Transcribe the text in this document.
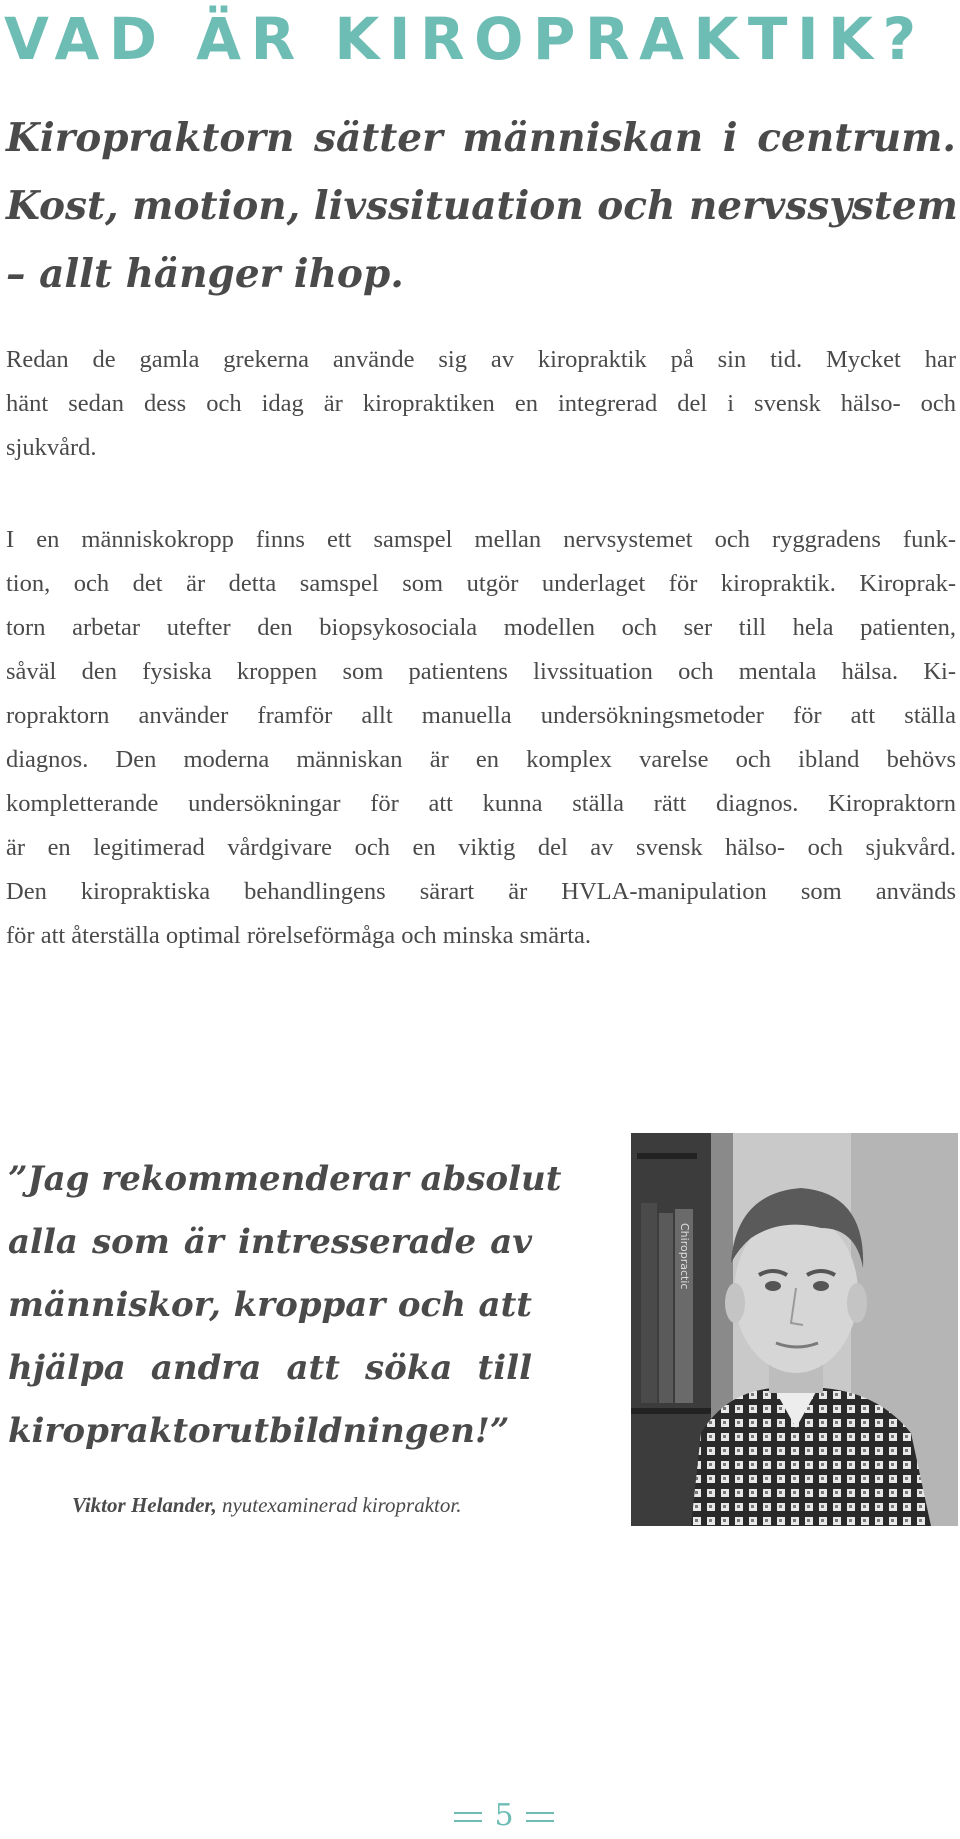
VAD ÄR KIROPRAKTIK?
Kiropraktorn sätter människan i centrum.
Kost, motion, livssituation och nervssystem
– allt hänger ihop.
Redan de gamla grekerna använde sig av kiropraktik på sin tid. Mycket har
hänt sedan dess och idag är kiropraktiken en integrerad del i svensk hälso- och
sjukvård.
I en människokropp finns ett samspel mellan nervsystemet och ryggradens funk-
tion, och det är detta samspel som utgör underlaget för kiropraktik. Kiroprak-
torn arbetar utefter den biopsykosociala modellen och ser till hela patienten,
såväl den fysiska kroppen som patientens livssituation och mentala hälsa. Ki-
ropraktorn använder framför allt manuella undersökningsmetoder för att ställa
diagnos. Den moderna människan är en komplex varelse och ibland behövs
kompletterande undersökningar för att kunna ställa rätt diagnos. Kiropraktorn
är en legitimerad vårdgivare och en viktig del av svensk hälso- och sjukvård.
Den kiropraktiska behandlingens särart är HVLA-manipulation som används
för att återställa optimal rörelseförmåga och minska smärta.
”Jag rekommenderar absolut
alla som är intresserade av
människor, kroppar och att
hjälpa andra att söka till
kiropraktorutbildningen!”
Viktor Helander, nyutexaminerad kiropraktor.
Chiropractic
5
